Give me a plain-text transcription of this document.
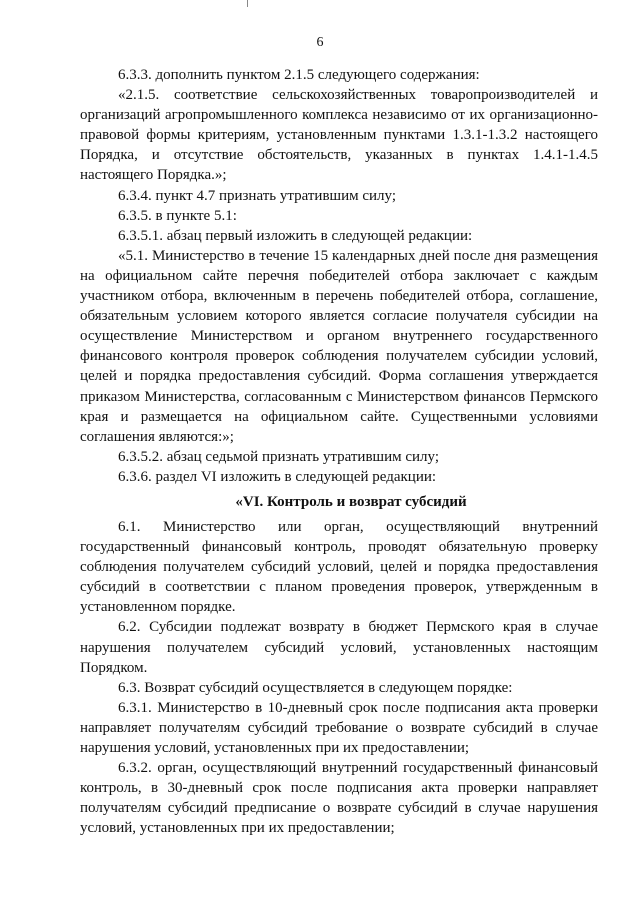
6

6.3.3. дополнить пунктом 2.1.5 следующего содержания:

«2.1.5. соответствие сельскохозяйственных товаропроизводителей и организаций агропромышленного комплекса независимо от их организационно-правовой формы критериям, установленным пунктами 1.3.1-1.3.2 настоящего Порядка, и отсутствие обстоятельств, указанных в пунктах 1.4.1-1.4.5 настоящего Порядка.»;

6.3.4. пункт 4.7 признать утратившим силу;

6.3.5. в пункте 5.1:

6.3.5.1. абзац первый изложить в следующей редакции:

«5.1. Министерство в течение 15 календарных дней после дня размещения на официальном сайте перечня победителей отбора заключает с каждым участником отбора, включенным в перечень победителей отбора, соглашение, обязательным условием которого является согласие получателя субсидии на осуществление Министерством и органом внутреннего государственного финансового контроля проверок соблюдения получателем субсидии условий, целей и порядка предоставления субсидий. Форма соглашения утверждается приказом Министерства, согласованным с Министерством финансов Пермского края и размещается на официальном сайте. Существенными условиями соглашения являются:»;

6.3.5.2. абзац седьмой признать утратившим силу;

6.3.6. раздел VI изложить в следующей редакции:

«VI. Контроль и возврат субсидий

6.1. Министерство или орган, осуществляющий внутренний государственный финансовый контроль, проводят обязательную проверку соблюдения получателем субсидий условий, целей и порядка предоставления субсидий в соответствии с планом проведения проверок, утвержденным в установленном порядке.

6.2. Субсидии подлежат возврату в бюджет Пермского края в случае нарушения получателем субсидий условий, установленных настоящим Порядком.

6.3. Возврат субсидий осуществляется в следующем порядке:

6.3.1. Министерство в 10-дневный срок после подписания акта проверки направляет получателям субсидий требование о возврате субсидий в случае нарушения условий, установленных при их предоставлении;

6.3.2. орган, осуществляющий внутренний государственный финансовый контроль, в 30-дневный срок после подписания акта проверки направляет получателям субсидий предписание о возврате субсидий в случае нарушения условий, установленных при их предоставлении;
